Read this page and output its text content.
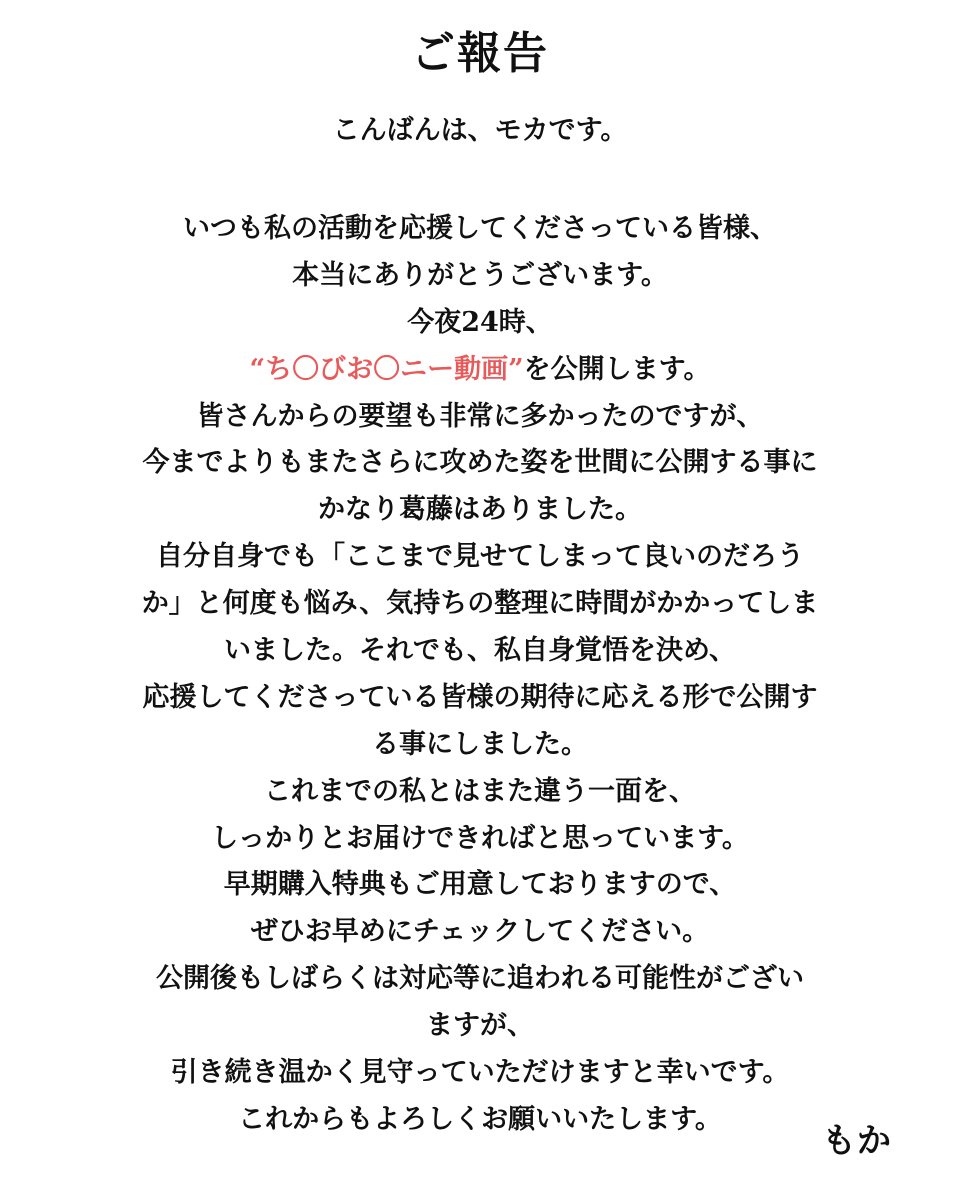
ご報告
こんばんは、モカです。
いつも私の活動を応援してくださっている皆様、
本当にありがとうございます。
今夜24時、
“ち〇びお〇ニー動画”を公開します。
皆さんからの要望も非常に多かったのですが、
今までよりもまたさらに攻めた姿を世間に公開する事に
かなり葛藤はありました。
自分自身でも「ここまで見せてしまって良いのだろう
か」と何度も悩み、気持ちの整理に時間がかかってしま
いました。それでも、私自身覚悟を決め、
応援してくださっている皆様の期待に応える形で公開す
る事にしました。
これまでの私とはまた違う一面を、
しっかりとお届けできればと思っています。
早期購入特典もご用意しておりますので、
ぜひお早めにチェックしてください。
公開後もしばらくは対応等に追われる可能性がござい
ますが、
引き続き温かく見守っていただけますと幸いです。
これからもよろしくお願いいたします。
もか
